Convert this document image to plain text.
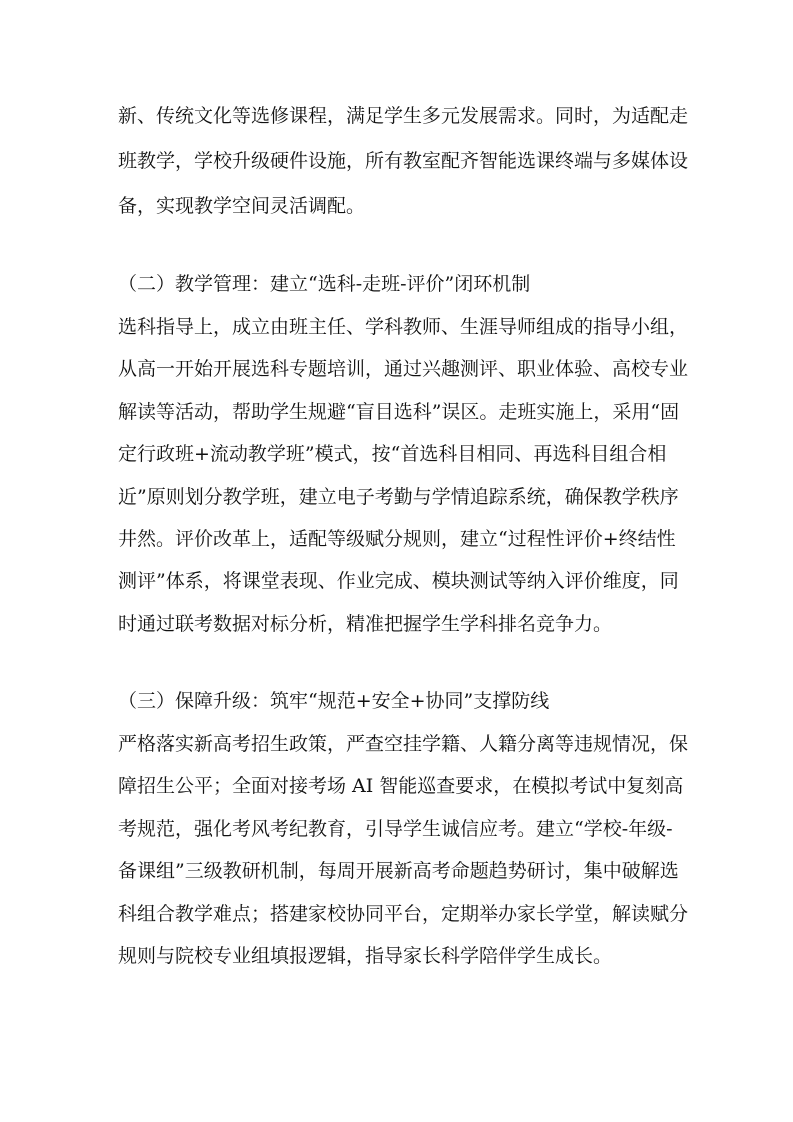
新、传统文化等选修课程，满足学生多元发展需求。同时，为适配走
班教学，学校升级硬件设施，所有教室配齐智能选课终端与多媒体设
备，实现教学空间灵活调配。
（二）教学管理：建立“选科-走班-评价”闭环机制
选科指导上，成立由班主任、学科教师、生涯导师组成的指导小组，
从高一开始开展选科专题培训，通过兴趣测评、职业体验、高校专业
解读等活动，帮助学生规避“盲目选科”误区。走班实施上，采用“固
定行政班+流动教学班”模式，按“首选科目相同、再选科目组合相
近”原则划分教学班，建立电子考勤与学情追踪系统，确保教学秩序
井然。评价改革上，适配等级赋分规则，建立“过程性评价+终结性
测评”体系，将课堂表现、作业完成、模块测试等纳入评价维度，同
时通过联考数据对标分析，精准把握学生学科排名竞争力。
（三）保障升级：筑牢“规范+安全+协同”支撑防线
严格落实新高考招生政策，严查空挂学籍、人籍分离等违规情况，保
障招生公平；全面对接考场 AI 智能巡查要求，在模拟考试中复刻高
考规范，强化考风考纪教育，引导学生诚信应考。建立“学校-年级-
备课组”三级教研机制，每周开展新高考命题趋势研讨，集中破解选
科组合教学难点；搭建家校协同平台，定期举办家长学堂，解读赋分
规则与院校专业组填报逻辑，指导家长科学陪伴学生成长。
